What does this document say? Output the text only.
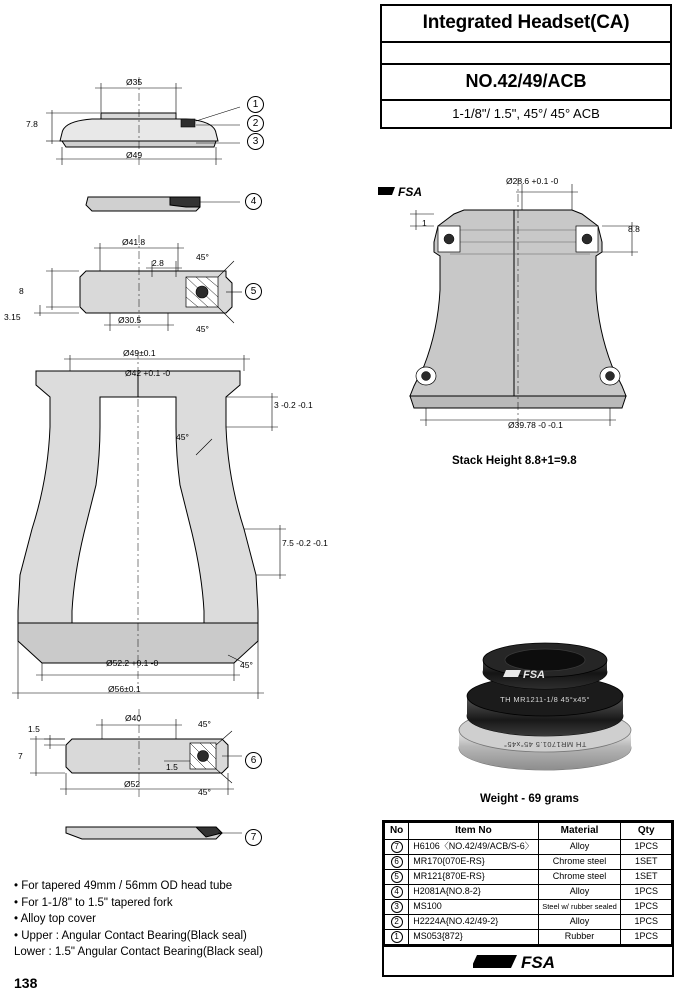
Integrated Headset(CA)
NO.42/49/ACB
1-1/8"/ 1.5", 45°/ 45° ACB
Ø35
7.8
Ø49
1
2
3
4
Ø41.8
2.8
45°
8
3.15	Ø30.5
45°
5
Ø49±0.1
Ø42 +0.1 -0
3 -0.2 -0.1
45°
7.5 -0.2 -0.1
Ø52.2 +0.1 -0
Ø56±0.1
45°
Ø40
1.5
7
45°
1.5
Ø52
45°
6
7
FSA
Ø28.6 +0.1 -0
8.8
1
Ø39.78 -0 -0.1
Stack Height 8.8+1=9.8
FSA
TH MR1211-1/8 45°x45°
TH MR1701.5 45°x45°
Weight - 69 grams
No	Item No	Material	Qty
7	H6106〈NO.42/49/ACB/S-6〉	Alloy	1PCS
6	MR170{070E-RS}	Chrome steel	1SET
5	MR121{870E-RS}	Chrome steel	1SET
4	H2081A{NO.8-2}	Alloy	1PCS
3	MS100	Steel w/ rubber sealed	1PCS
2	H2224A{NO.42/49-2}	Alloy	1PCS
1	MS053{872}	Rubber	1PCS
FSA
• For tapered 49mm / 56mm OD head tube
• For 1-1/8" to 1.5" tapered fork
• Alloy top cover
• Upper : Angular Contact Bearing(Black seal)
Lower : 1.5" Angular Contact Bearing(Black seal)
138
